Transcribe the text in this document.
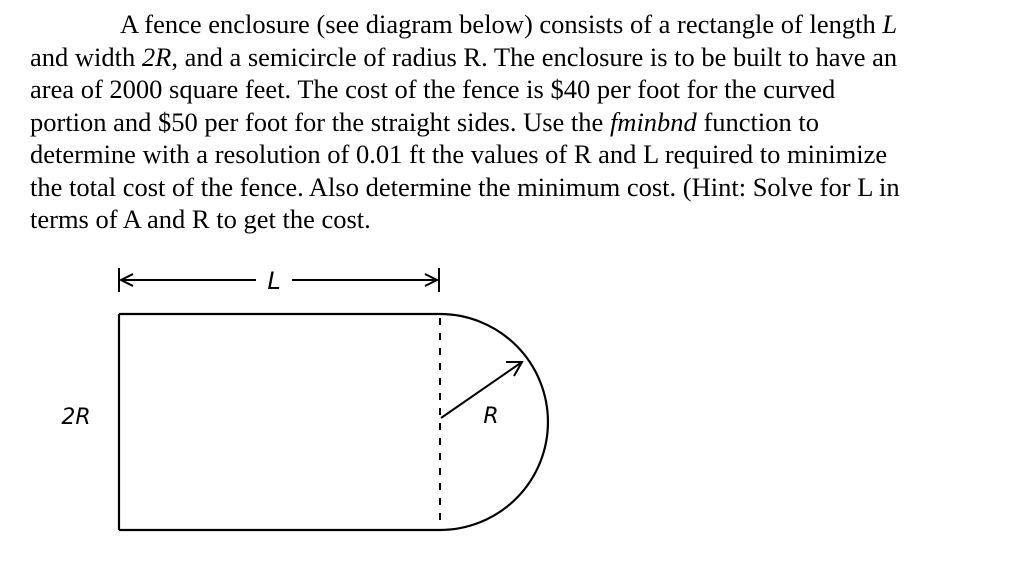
A fence enclosure (see diagram below) consists of a rectangle of length L
and width 2R, and a semicircle of radius R. The enclosure is to be built to have an
area of 2000 square feet. The cost of the fence is $40 per foot for the curved
portion and $50 per foot for the straight sides. Use the fminbnd function to
determine with a resolution of 0.01 ft the values of R and L required to minimize
the total cost of the fence. Also determine the minimum cost. (Hint: Solve for L in
terms of A and R to get the cost.
L
R
2R
